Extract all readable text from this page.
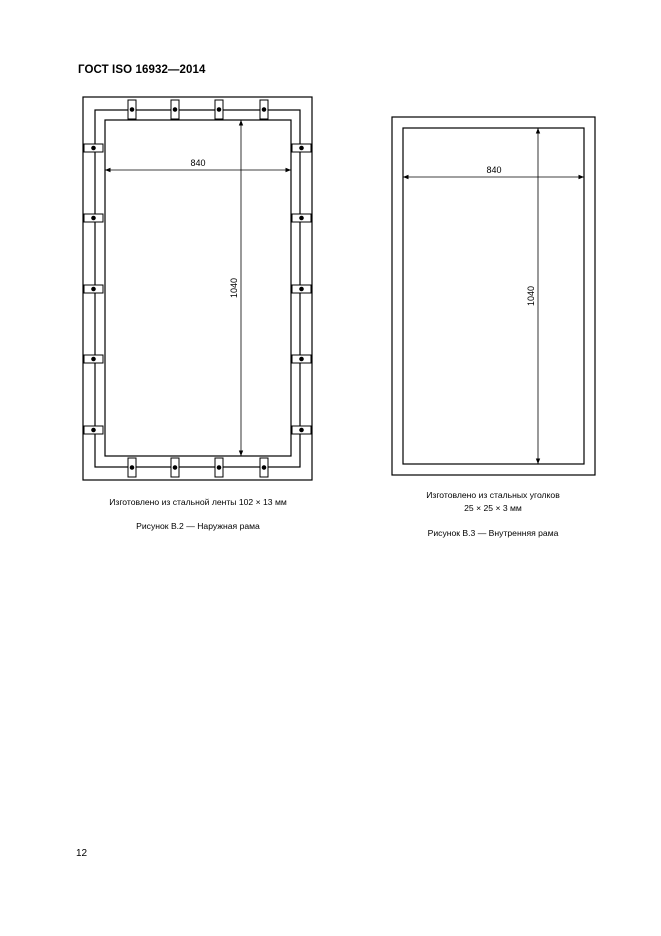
ГОСТ ISO 16932—2014
840
1040
840
1040
Изготовлено из стальной ленты 102 × 13 мм
Рисунок В.2 — Наружная рама
Изготовлено из стальных уголков
25 × 25 × 3 мм
Рисунок В.3 — Внутренняя рама
12
